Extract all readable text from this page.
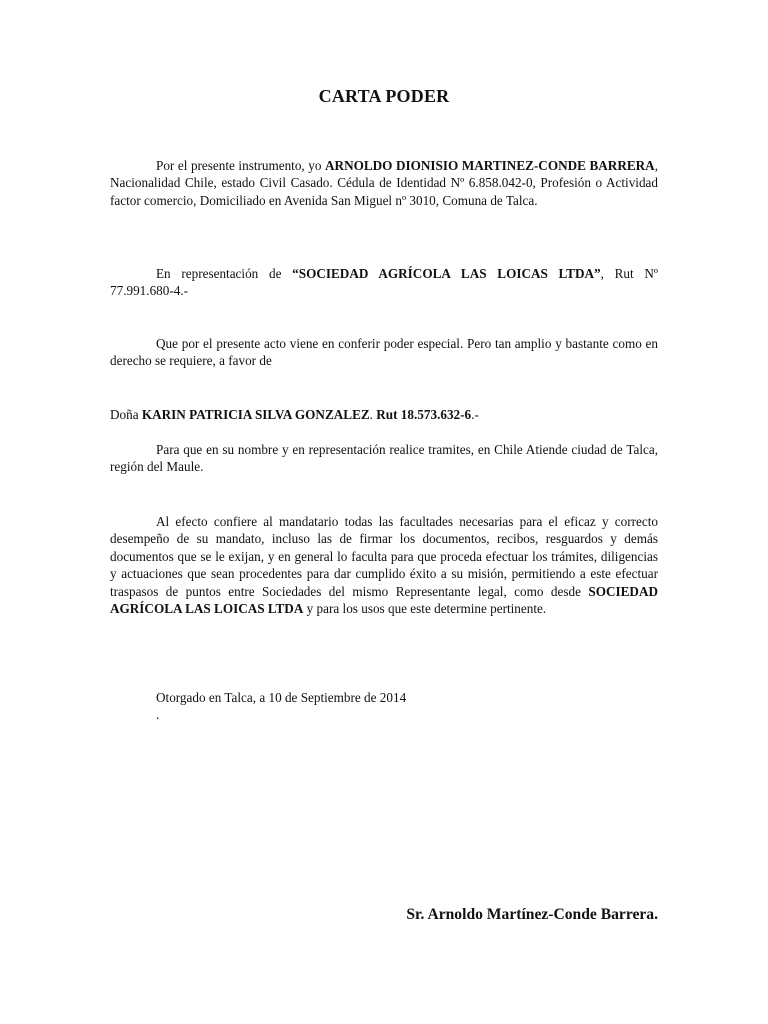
CARTA PODER

Por el presente instrumento, yo ARNOLDO DIONISIO MARTINEZ-CONDE BARRERA, Nacionalidad Chile, estado Civil Casado. Cédula de Identidad Nº 6.858.042-0, Profesión o Actividad factor comercio, Domiciliado en Avenida San Miguel nº 3010, Comuna de Talca.

En representación de “SOCIEDAD AGRÍCOLA LAS LOICAS LTDA”, Rut Nº 77.991.680-4.-

Que por el presente acto viene en conferir poder especial. Pero tan amplio y bastante como en derecho se requiere, a favor de

Doña KARIN PATRICIA SILVA GONZALEZ. Rut 18.573.632-6.-

Para que en su nombre y en representación realice tramites, en Chile Atiende ciudad de Talca, región del Maule.

Al efecto confiere al mandatario todas las facultades necesarias para el eficaz y correcto desempeño de su mandato, incluso las de firmar los documentos, recibos, resguardos y demás documentos que se le exijan, y en general lo faculta para que proceda efectuar los trámites, diligencias y actuaciones que sean procedentes para dar cumplido éxito a su misión, permitiendo a este efectuar traspasos de puntos entre Sociedades del mismo Representante legal, como desde SOCIEDAD AGRÍCOLA LAS LOICAS LTDA y para los usos que este determine pertinente.

Otorgado en Talca, a 10 de Septiembre de 2014

.

Sr. Arnoldo Martínez-Conde Barrera.
